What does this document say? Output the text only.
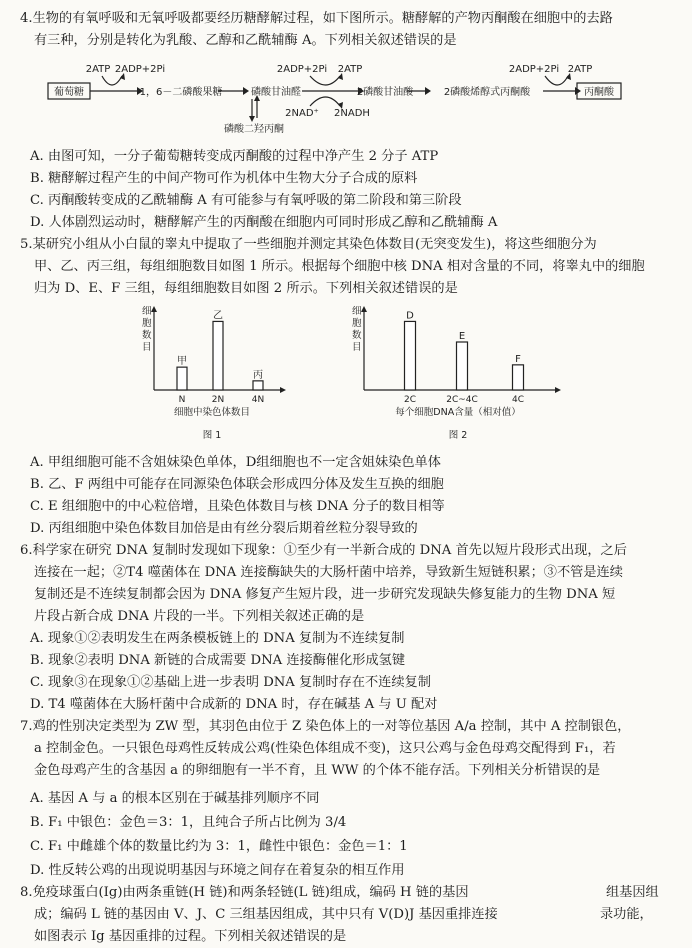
4.生物的有氧呼吸和无氧呼吸都要经历糖酵解过程，如下图所示。糖酵解的产物丙酮酸在细胞中的去路
有三种，分别是转化为乳酸、乙醇和乙酰辅酶 A。下列相关叙述错误的是
葡萄糖	1，6－二磷酸果糖	磷酸甘油醛	2磷酸甘油酸	2磷酸烯醇式丙酮酸	丙酮酸
磷酸二羟丙酮
2ATP 2ADP+2Pi	2ADP+2Pi 2ATP
2NAD⁺ 2NADH
2ADP+2Pi 2ATP
A. 由图可知，一分子葡萄糖转变成丙酮酸的过程中净产生 2 分子 ATP
B. 糖酵解过程产生的中间产物可作为机体中生物大分子合成的原料
C. 丙酮酸转变成的乙酰辅酶 A 有可能参与有氧呼吸的第二阶段和第三阶段
D. 人体剧烈运动时，糖酵解产生的丙酮酸在细胞内可同时形成乙醇和乙酰辅酶 A
5.某研究小组从小白鼠的睾丸中提取了一些细胞并测定其染色体数目(无突变发生)，将这些细胞分为
甲、乙、丙三组，每组细胞数目如图 1 所示。根据每个细胞中核 DNA 相对含量的不同，将睾丸中的细胞
归为 D、E、F 三组，每组细胞数目如图 2 所示。下列相关叙述错误的是
细
胞
数
目
甲
N
乙
2N
丙
4N
细胞中染色体数目
图 1
细
胞
数
目
D
2C
E
2C~4C
F
4C
每个细胞DNA含量（相对值）
图 2
A. 甲组细胞可能不含姐妹染色单体，D组细胞也不一定含姐妹染色单体
B. 乙、F 两组中可能存在同源染色体联会形成四分体及发生互换的细胞
C. E 组细胞中的中心粒倍增，且染色体数目与核 DNA 分子的数目相等
D. 丙组细胞中染色体数目加倍是由有丝分裂后期着丝粒分裂导致的
6.科学家在研究 DNA 复制时发现如下现象：①至少有一半新合成的 DNA 首先以短片段形式出现，之后
连接在一起；②T4 噬菌体在 DNA 连接酶缺失的大肠杆菌中培养，导致新生短链积累；③不管是连续
复制还是不连续复制都会因为 DNA 修复产生短片段，进一步研究发现缺失修复能力的生物 DNA 短
片段占新合成 DNA 片段的一半。下列相关叙述正确的是
A. 现象①②表明发生在两条模板链上的 DNA 复制为不连续复制
B. 现象②表明 DNA 新链的合成需要 DNA 连接酶催化形成氢键
C. 现象③在现象①②基础上进一步表明 DNA 复制时存在不连续复制
D. T4 噬菌体在大肠杆菌中合成新的 DNA 时，存在碱基 A 与 U 配对
7.鸡的性别决定类型为 ZW 型，其羽色由位于 Z 染色体上的一对等位基因 A/a 控制，其中 A 控制银色，
a 控制金色。一只银色母鸡性反转成公鸡(性染色体组成不变)，这只公鸡与金色母鸡交配得到 F₁，若
金色母鸡产生的含基因 a 的卵细胞有一半不育，且 WW 的个体不能存活。下列相关分析错误的是
A. 基因 A 与 a 的根本区别在于碱基排列顺序不同
B. F₁ 中银色：金色＝3：1，且纯合子所占比例为 3/4
C. F₁ 中雌雄个体的数量比约为 3：1，雌性中银色：金色＝1：1
D. 性反转公鸡的出现说明基因与环境之间存在着复杂的相互作用
8.免疫球蛋白(Ig)由两条重链(H 链)和两条轻链(L 链)组成，编码 H 链的基因
成；编码 L 链的基因由 V、J、C 三组基因组成，其中只有 V(D)J 基因重排连接
如图表示 Ig 基因重排的过程。下列相关叙述错误的是
组基因组
录功能，
